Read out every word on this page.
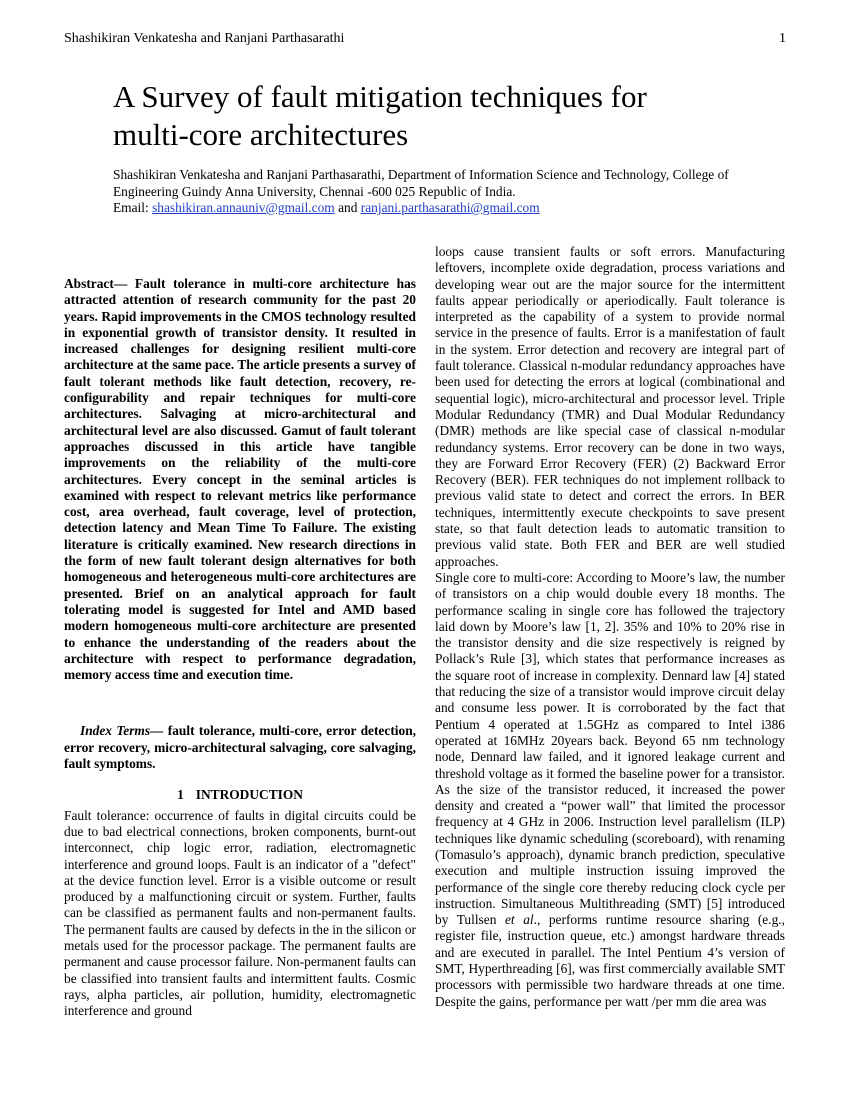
Shashikiran Venkatesha and Ranjani Parthasarathi	1
A Survey of fault mitigation techniques for
multi-core architectures
Shashikiran Venkatesha and Ranjani Parthasarathi, Department of Information Science and Technology, College of
Engineering Guindy Anna University, Chennai -600 025 Republic of India.
Email: shashikiran.annauniv@gmail.com and ranjani.parthasarathi@gmail.com

Abstract— Fault tolerance in multi-core architecture has attracted attention of research community for the past 20 years. Rapid improvements in the CMOS technology resulted in exponential growth of transistor density. It resulted in increased challenges for designing resilient multi-core architecture at the same pace. The article presents a survey of fault tolerant methods like fault detection, recovery, re-configurability and repair techniques for multi-core architectures. Salvaging at micro-architectural and architectural level are also discussed. Gamut of fault tolerant approaches discussed in this article have tangible improvements on the reliability of the multi-core architectures. Every concept in the seminal articles is examined with respect to relevant metrics like performance cost, area overhead, fault coverage, level of protection, detection latency and Mean Time To Failure. The existing literature is critically examined. New research directions in the form of new fault tolerant design alternatives for both homogeneous and heterogeneous multi-core architectures are presented. Brief on an analytical approach for fault tolerating model is suggested for Intel and AMD based modern homogeneous multi-core architecture are presented to enhance the understanding of the readers about the architecture with respect to performance degradation, memory access time and execution time.

Index Terms— fault tolerance, multi-core, error detection, error recovery, micro-architectural salvaging, core salvaging, fault symptoms.

1 INTRODUCTION

Fault tolerance: occurrence of faults in digital circuits could be due to bad electrical connections, broken components, burnt-out interconnect, chip logic error, radiation, electromagnetic interference and ground loops. Fault is an indicator of a "defect" at the device function level. Error is a visible outcome or result produced by a malfunctioning circuit or system. Further, faults can be classified as permanent faults and non-permanent faults. The permanent faults are caused by defects in the in the silicon or metals used for the processor package. The permanent faults are permanent and cause processor failure. Non-permanent faults can be classified into transient faults and intermittent faults. Cosmic rays, alpha particles, air pollution, humidity, electromagnetic interference and ground

loops cause transient faults or soft errors. Manufacturing leftovers, incomplete oxide degradation, process variations and developing wear out are the major source for the intermittent faults appear periodically or aperiodically. Fault tolerance is interpreted as the capability of a system to provide normal service in the presence of faults. Error is a manifestation of fault in the system. Error detection and recovery are integral part of fault tolerance. Classical n-modular redundancy approaches have been used for detecting the errors at logical (combinational and sequential logic), micro-architectural and processor level. Triple Modular Redundancy (TMR) and Dual Modular Redundancy (DMR) methods are like special case of classical n-modular redundancy systems. Error recovery can be done in two ways, they are Forward Error Recovery (FER) (2) Backward Error Recovery (BER). FER techniques do not implement rollback to previous valid state to detect and correct the errors. In BER techniques, intermittently execute checkpoints to save present state, so that fault detection leads to automatic transition to previous valid state. Both FER and BER are well studied approaches.

Single core to multi-core: According to Moore’s law, the number of transistors on a chip would double every 18 months. The performance scaling in single core has followed the trajectory laid down by Moore’s law [1, 2]. 35% and 10% to 20% rise in the transistor density and die size respectively is reigned by Pollack’s Rule [3], which states that performance increases as the square root of increase in complexity. Dennard law [4] stated that reducing the size of a transistor would improve circuit delay and consume less power. It is corroborated by the fact that Pentium 4 operated at 1.5GHz as compared to Intel i386 operated at 16MHz 20years back. Beyond 65 nm technology node, Dennard law failed, and it ignored leakage current and threshold voltage as it formed the baseline power for a transistor. As the size of the transistor reduced, it increased the power density and created a “power wall” that limited the processor frequency at 4 GHz in 2006. Instruction level parallelism (ILP) techniques like dynamic scheduling (scoreboard), with renaming (Tomasulo’s approach), dynamic branch prediction, speculative execution and multiple instruction issuing improved the performance of the single core thereby reducing clock cycle per instruction. Simultaneous Multithreading (SMT) [5] introduced by Tullsen et al., performs runtime resource sharing (e.g., register file, instruction queue, etc.) amongst hardware threads and are executed in parallel. The Intel Pentium 4’s version of SMT, Hyperthreading [6], was first commercially available SMT processors with permissible two hardware threads at one time. Despite the gains, performance per watt /per mm die area was
